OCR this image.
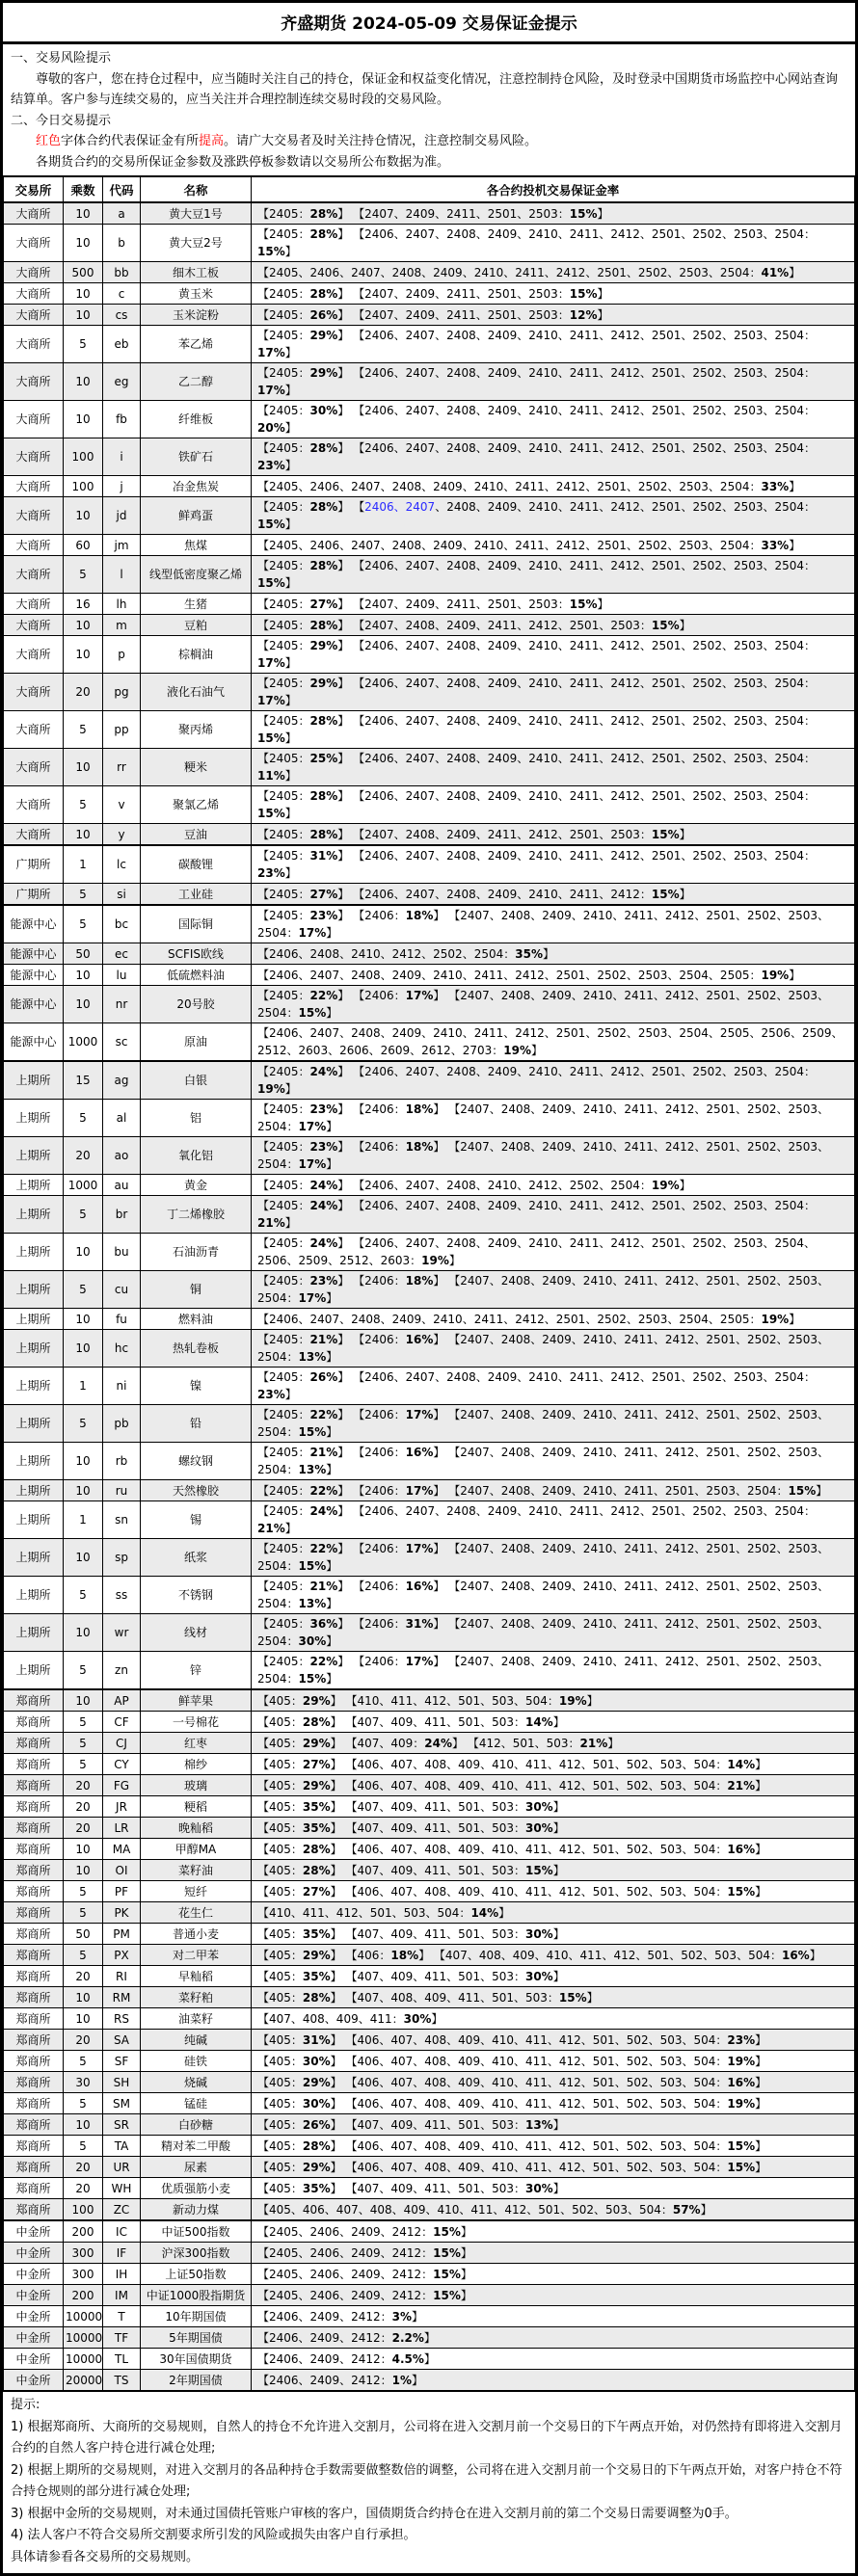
齐盛期货 2024-05-09 交易保证金提示
一、交易风险提示
尊敬的客户，您在持仓过程中，应当随时关注自己的持仓，保证金和权益变化情况，注意控制持仓风险，及时登录中国期货市场监控中心网站查询结算单。客户参与连续交易的，应当关注并合理控制连续交易时段的交易风险。
二、今日交易提示
红色字体合约代表保证金有所提高。请广大交易者及时关注持仓情况，注意控制交易风险。
各期货合约的交易所保证金参数及涨跌停板参数请以交易所公布数据为准。
交易所	乘数	代码	名称	各合约投机交易保证金率
大商所	10	a	黄大豆1号	【2405：28%】 【2407、2409、2411、2501、2503：15%】
大商所	10	b	黄大豆2号	【2405：28%】 【2406、2407、2408、2409、2410、2411、2412、2501、2502、2503、2504：15%】
大商所	500	bb	细木工板	【2405、2406、2407、2408、2409、2410、2411、2412、2501、2502、2503、2504：41%】
大商所	10	c	黄玉米	【2405：28%】 【2407、2409、2411、2501、2503：15%】
大商所	10	cs	玉米淀粉	【2405：26%】 【2407、2409、2411、2501、2503：12%】
大商所	5	eb	苯乙烯	【2405：29%】 【2406、2407、2408、2409、2410、2411、2412、2501、2502、2503、2504：17%】
大商所	10	eg	乙二醇	【2405：29%】 【2406、2407、2408、2409、2410、2411、2412、2501、2502、2503、2504：17%】
大商所	10	fb	纤维板	【2405：30%】 【2406、2407、2408、2409、2410、2411、2412、2501、2502、2503、2504：20%】
大商所	100	i	铁矿石	【2405：28%】 【2406、2407、2408、2409、2410、2411、2412、2501、2502、2503、2504：23%】
大商所	100	j	冶金焦炭	【2405、2406、2407、2408、2409、2410、2411、2412、2501、2502、2503、2504：33%】
大商所	10	jd	鲜鸡蛋	【2405：28%】 【2406、2407、2408、2409、2410、2411、2412、2501、2502、2503、2504：15%】
大商所	60	jm	焦煤	【2405、2406、2407、2408、2409、2410、2411、2412、2501、2502、2503、2504：33%】
大商所	5	l	线型低密度聚乙烯	【2405：28%】 【2406、2407、2408、2409、2410、2411、2412、2501、2502、2503、2504：15%】
大商所	16	lh	生猪	【2405：27%】 【2407、2409、2411、2501、2503：15%】
大商所	10	m	豆粕	【2405：28%】 【2407、2408、2409、2411、2412、2501、2503：15%】
大商所	10	p	棕榈油	【2405：29%】 【2406、2407、2408、2409、2410、2411、2412、2501、2502、2503、2504：17%】
大商所	20	pg	液化石油气	【2405：29%】 【2406、2407、2408、2409、2410、2411、2412、2501、2502、2503、2504：17%】
大商所	5	pp	聚丙烯	【2405：28%】 【2406、2407、2408、2409、2410、2411、2412、2501、2502、2503、2504：15%】
大商所	10	rr	粳米	【2405：25%】 【2406、2407、2408、2409、2410、2411、2412、2501、2502、2503、2504：11%】
大商所	5	v	聚氯乙烯	【2405：28%】 【2406、2407、2408、2409、2410、2411、2412、2501、2502、2503、2504：15%】
大商所	10	y	豆油	【2405：28%】 【2407、2408、2409、2411、2412、2501、2503：15%】
广期所	1	lc	碳酸锂	【2405：31%】 【2406、2407、2408、2409、2410、2411、2412、2501、2502、2503、2504：23%】
广期所	5	si	工业硅	【2405：27%】 【2406、2407、2408、2409、2410、2411、2412：15%】
能源中心	5	bc	国际铜	【2405：23%】 【2406：18%】 【2407、2408、2409、2410、2411、2412、2501、2502、2503、2504：17%】
能源中心	50	ec	SCFIS欧线	【2406、2408、2410、2412、2502、2504：35%】
能源中心	10	lu	低硫燃料油	【2406、2407、2408、2409、2410、2411、2412、2501、2502、2503、2504、2505：19%】
能源中心	10	nr	20号胶	【2405：22%】 【2406：17%】 【2407、2408、2409、2410、2411、2412、2501、2502、2503、2504：15%】
能源中心	1000	sc	原油	【2406、2407、2408、2409、2410、2411、2412、2501、2502、2503、2504、2505、2506、2509、2512、2603、2606、2609、2612、2703：19%】
上期所	15	ag	白银	【2405：24%】 【2406、2407、2408、2409、2410、2411、2412、2501、2502、2503、2504：19%】
上期所	5	al	铝	【2405：23%】 【2406：18%】 【2407、2408、2409、2410、2411、2412、2501、2502、2503、2504：17%】
上期所	20	ao	氧化铝	【2405：23%】 【2406：18%】 【2407、2408、2409、2410、2411、2412、2501、2502、2503、2504：17%】
上期所	1000	au	黄金	【2405：24%】 【2406、2407、2408、2410、2412、2502、2504：19%】
上期所	5	br	丁二烯橡胶	【2405：24%】 【2406、2407、2408、2409、2410、2411、2412、2501、2502、2503、2504：21%】
上期所	10	bu	石油沥青	【2405：24%】 【2406、2407、2408、2409、2410、2411、2412、2501、2502、2503、2504、2506、2509、2512、2603：19%】
上期所	5	cu	铜	【2405：23%】 【2406：18%】 【2407、2408、2409、2410、2411、2412、2501、2502、2503、2504：17%】
上期所	10	fu	燃料油	【2406、2407、2408、2409、2410、2411、2412、2501、2502、2503、2504、2505：19%】
上期所	10	hc	热轧卷板	【2405：21%】 【2406：16%】 【2407、2408、2409、2410、2411、2412、2501、2502、2503、2504：13%】
上期所	1	ni	镍	【2405：26%】 【2406、2407、2408、2409、2410、2411、2412、2501、2502、2503、2504：23%】
上期所	5	pb	铅	【2405：22%】 【2406：17%】 【2407、2408、2409、2410、2411、2412、2501、2502、2503、2504：15%】
上期所	10	rb	螺纹钢	【2405：21%】 【2406：16%】 【2407、2408、2409、2410、2411、2412、2501、2502、2503、2504：13%】
上期所	10	ru	天然橡胶	【2405：22%】 【2406：17%】 【2407、2408、2409、2410、2411、2501、2503、2504：15%】
上期所	1	sn	锡	【2405：24%】 【2406、2407、2408、2409、2410、2411、2412、2501、2502、2503、2504：21%】
上期所	10	sp	纸浆	【2405：22%】 【2406：17%】 【2407、2408、2409、2410、2411、2412、2501、2502、2503、2504：15%】
上期所	5	ss	不锈钢	【2405：21%】 【2406：16%】 【2407、2408、2409、2410、2411、2412、2501、2502、2503、2504：13%】
上期所	10	wr	线材	【2405：36%】 【2406：31%】 【2407、2408、2409、2410、2411、2412、2501、2502、2503、2504：30%】
上期所	5	zn	锌	【2405：22%】 【2406：17%】 【2407、2408、2409、2410、2411、2412、2501、2502、2503、2504：15%】
郑商所	10	AP	鲜苹果	【405：29%】 【410、411、412、501、503、504：19%】
郑商所	5	CF	一号棉花	【405：28%】 【407、409、411、501、503：14%】
郑商所	5	CJ	红枣	【405：29%】 【407、409：24%】 【412、501、503：21%】
郑商所	5	CY	棉纱	【405：27%】 【406、407、408、409、410、411、412、501、502、503、504：14%】
郑商所	20	FG	玻璃	【405：29%】 【406、407、408、409、410、411、412、501、502、503、504：21%】
郑商所	20	JR	粳稻	【405：35%】 【407、409、411、501、503：30%】
郑商所	20	LR	晚籼稻	【405：35%】 【407、409、411、501、503：30%】
郑商所	10	MA	甲醇MA	【405：28%】 【406、407、408、409、410、411、412、501、502、503、504：16%】
郑商所	10	OI	菜籽油	【405：28%】 【407、409、411、501、503：15%】
郑商所	5	PF	短纤	【405：27%】 【406、407、408、409、410、411、412、501、502、503、504：15%】
郑商所	5	PK	花生仁	【410、411、412、501、503、504：14%】
郑商所	50	PM	普通小麦	【405：35%】 【407、409、411、501、503：30%】
郑商所	5	PX	对二甲苯	【405：29%】 【406：18%】 【407、408、409、410、411、412、501、502、503、504：16%】
郑商所	20	RI	早籼稻	【405：35%】 【407、409、411、501、503：30%】
郑商所	10	RM	菜籽粕	【405：28%】 【407、408、409、411、501、503：15%】
郑商所	10	RS	油菜籽	【407、408、409、411：30%】
郑商所	20	SA	纯碱	【405：31%】 【406、407、408、409、410、411、412、501、502、503、504：23%】
郑商所	5	SF	硅铁	【405：30%】 【406、407、408、409、410、411、412、501、502、503、504：19%】
郑商所	30	SH	烧碱	【405：29%】 【406、407、408、409、410、411、412、501、502、503、504：16%】
郑商所	5	SM	锰硅	【405：30%】 【406、407、408、409、410、411、412、501、502、503、504：19%】
郑商所	10	SR	白砂糖	【405：26%】 【407、409、411、501、503：13%】
郑商所	5	TA	精对苯二甲酸	【405：28%】 【406、407、408、409、410、411、412、501、502、503、504：15%】
郑商所	20	UR	尿素	【405：29%】 【406、407、408、409、410、411、412、501、502、503、504：15%】
郑商所	20	WH	优质强筋小麦	【405：35%】 【407、409、411、501、503：30%】
郑商所	100	ZC	新动力煤	【405、406、407、408、409、410、411、412、501、502、503、504：57%】
中金所	200	IC	中证500指数	【2405、2406、2409、2412：15%】
中金所	300	IF	沪深300指数	【2405、2406、2409、2412：15%】
中金所	300	IH	上证50指数	【2405、2406、2409、2412：15%】
中金所	200	IM	中证1000股指期货	【2405、2406、2409、2412：15%】
中金所	10000	T	10年期国债	【2406、2409、2412：3%】
中金所	10000	TF	5年期国债	【2406、2409、2412：2.2%】
中金所	10000	TL	30年国债期货	【2406、2409、2412：4.5%】
中金所	20000	TS	2年期国债	【2406、2409、2412：1%】
提示:
1) 根据郑商所、大商所的交易规则，自然人的持仓不允许进入交割月，公司将在进入交割月前一个交易日的下午两点开始，对仍然持有即将进入交割月合约的自然人客户持仓进行减仓处理;
2) 根据上期所的交易规则，对进入交割月的各品种持仓手数需要做整数倍的调整，公司将在进入交割月前一个交易日的下午两点开始，对客户持仓不符合持仓规则的部分进行减仓处理;
3) 根据中金所的交易规则，对未通过国债托管账户审核的客户，国债期货合约持仓在进入交割月前的第二个交易日需要调整为0手。
4) 法人客户不符合交易所交割要求所引发的风险或损失由客户自行承担。
具体请参看各交易所的交易规则。
